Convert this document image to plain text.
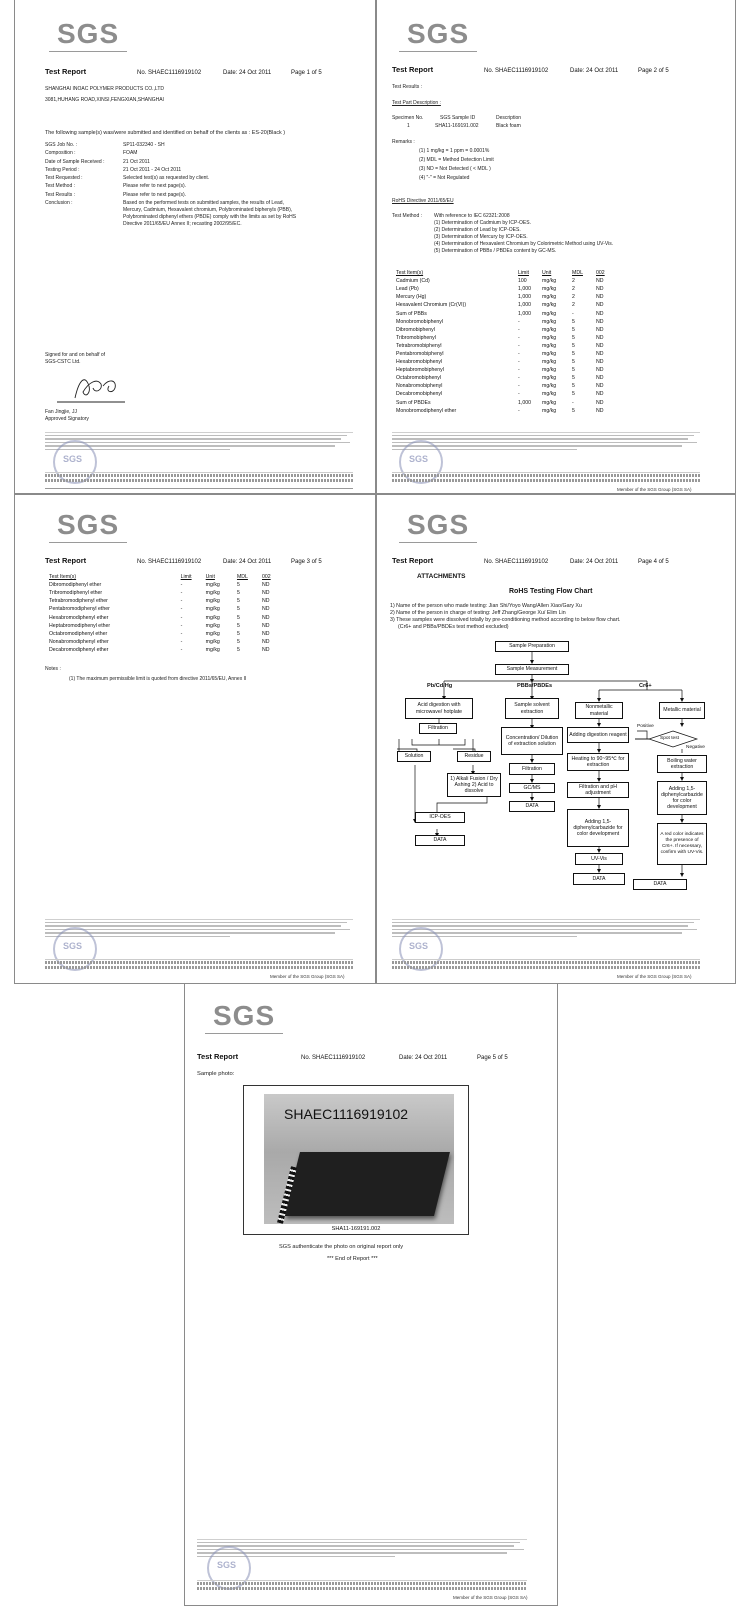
SGS
Test Report	No. SHAEC1116919102	Date: 24 Oct 2011	Page 1 of 5
SHANGHAI INOAC POLYMER PRODUCTS CO.,LTD
3081,HUHANG ROAD,XINSI,FENGXIAN,SHANGHAI
The following sample(s) was/were submitted and identified on behalf of the clients as : ES-20(Black )
SGS Job No. :	SP11-032340 - SH
Composition :	FOAM
Date of Sample Received :	21 Oct 2011
Testing Period :	21 Oct 2011 - 24 Oct 2011
Test Requested :	Selected test(s) as requested by client.
Test Method :	Please refer to next page(s).
Test Results :	Please refer to next page(s).
Conclusion :	Based on the performed tests on submitted samples, the results of Lead,
Mercury, Cadmium, Hexavalent chromium, Polybrominated biphenyls (PBB),
Polybrominated diphenyl ethers (PBDE) comply with the limits as set by RoHS
Directive 2011/65/EU Annex II; recasting 2002/95/EC.
Signed for and on behalf of
SGS-CSTC Ltd.
Fan Jingjie, JJ
Approved Signatory
SGS
SGS
Test Report	No. SHAEC1116919102	Date: 24 Oct 2011	Page 2 of 5
Test Results :
Test Part Description :
Specimen No.	SGS Sample ID	Description
1	SHA11-169191.002	Black foam
Remarks :
(1) 1 mg/kg = 1 ppm = 0.0001%
(2) MDL = Method Detection Limit
(3) ND = Not Detected ( < MDL )
(4) "-" = Not Regulated
RoHS Directive 2011/65/EU
Test Method : With reference to IEC 62321:2008
(1) Determination of Cadmium by ICP-OES.
(2) Determination of Lead by ICP-OES.
(3) Determination of Mercury by ICP-OES.
(4) Determination of Hexavalent Chromium by Colorimetric Method using UV-Vis.
(5) Determination of PBBs / PBDEs content by GC-MS.
Test Item(s)	Limit	Unit	MDL	002
Cadmium (Cd)	100	mg/kg	2	ND
Lead (Pb)	1,000	mg/kg	2	ND
Mercury (Hg)	1,000	mg/kg	2	ND
Hexavalent Chromium (Cr(VI))	1,000	mg/kg	2	ND
Sum of PBBs	1,000	mg/kg	-	ND
Monobromobiphenyl	-	mg/kg	5	ND
Dibromobiphenyl	-	mg/kg	5	ND
Tribromobiphenyl	-	mg/kg	5	ND
Tetrabromobiphenyl	-	mg/kg	5	ND
Pentabromobiphenyl	-	mg/kg	5	ND
Hexabromobiphenyl	-	mg/kg	5	ND
Heptabromobiphenyl	-	mg/kg	5	ND
Octabromobiphenyl	-	mg/kg	5	ND
Nonabromobiphenyl	-	mg/kg	5	ND
Decabromobiphenyl	-	mg/kg	5	ND
Sum of PBDEs	1,000	mg/kg	-	ND
Monobromodiphenyl ether	-	mg/kg	5	ND
SGS
Member of the SGS Group (SGS SA)
SGS
Test Report	No. SHAEC1116919102	Date: 24 Oct 2011	Page 3 of 5
Test Item(s)	Limit	Unit	MDL	002
Dibromodiphenyl ether	-	mg/kg	5	ND
Tribromodiphenyl ether	-	mg/kg	5	ND
Tetrabromodiphenyl ether	-	mg/kg	5	ND
Pentabromodiphenyl ether	-	mg/kg	5	ND
Hexabromodiphenyl ether	-	mg/kg	5	ND
Heptabromodiphenyl ether	-	mg/kg	5	ND
Octabromodiphenyl ether	-	mg/kg	5	ND
Nonabromodiphenyl ether	-	mg/kg	5	ND
Decabromodiphenyl ether	-	mg/kg	5	ND
Notes :
(1) The maximum permissible limit is quoted from directive 2011/65/EU, Annex II
SGS
Member of the SGS Group (SGS SA)
SGS
Test Report	No. SHAEC1116919102	Date: 24 Oct 2011	Page 4 of 5
ATTACHMENTS
RoHS Testing Flow Chart
1) Name of the person who made testing: Jian Shi/Yoyo Wang/Allen Xiao/Gary Xu
2) Name of the person in charge of testing: Jeff Zhang/George Xu/ Elim Lin
3) These samples were dissolved totally by pre-conditioning method according to below flow chart.
(Cr6+ and PBBs/PBDEs test method excluded)
Sample Preparation
Sample Measurement
Pb/Cd/Hg	PBBs/PBDEs	Cr6+
Acid digestion with microwave/ hotplate
Filtration
Solution	Residue
1) Alkali Fusion / Dry Ashing 2) Acid to dissolve
ICP-OES
DATA
Sample solvent extraction
Concentration/ Dilution of extraction solution
Filtration
GC/MS
DATA
Nonmetallic material
Adding digestion reagent
Heating to 90~95℃ for extraction
Filtration and pH adjustment
Adding 1,5-diphenylcarbazide for color development
UV-Vis
DATA
Metallic material
Positive
Spot test
Negative
Boiling water extraction
Adding 1,5-diphenylcarbazide for color development
A red color indicates the presence of Cr6+. If necessary, confirm with UV-Vis.
DATA
SGS
Member of the SGS Group (SGS SA)
SGS
Test Report	No. SHAEC1116919102	Date: 24 Oct 2011	Page 5 of 5
Sample photo:
SHAEC1116919102
SHA11-169191.002
SGS authenticate the photo on original report only
*** End of Report ***
SGS
Member of the SGS Group (SGS SA)
